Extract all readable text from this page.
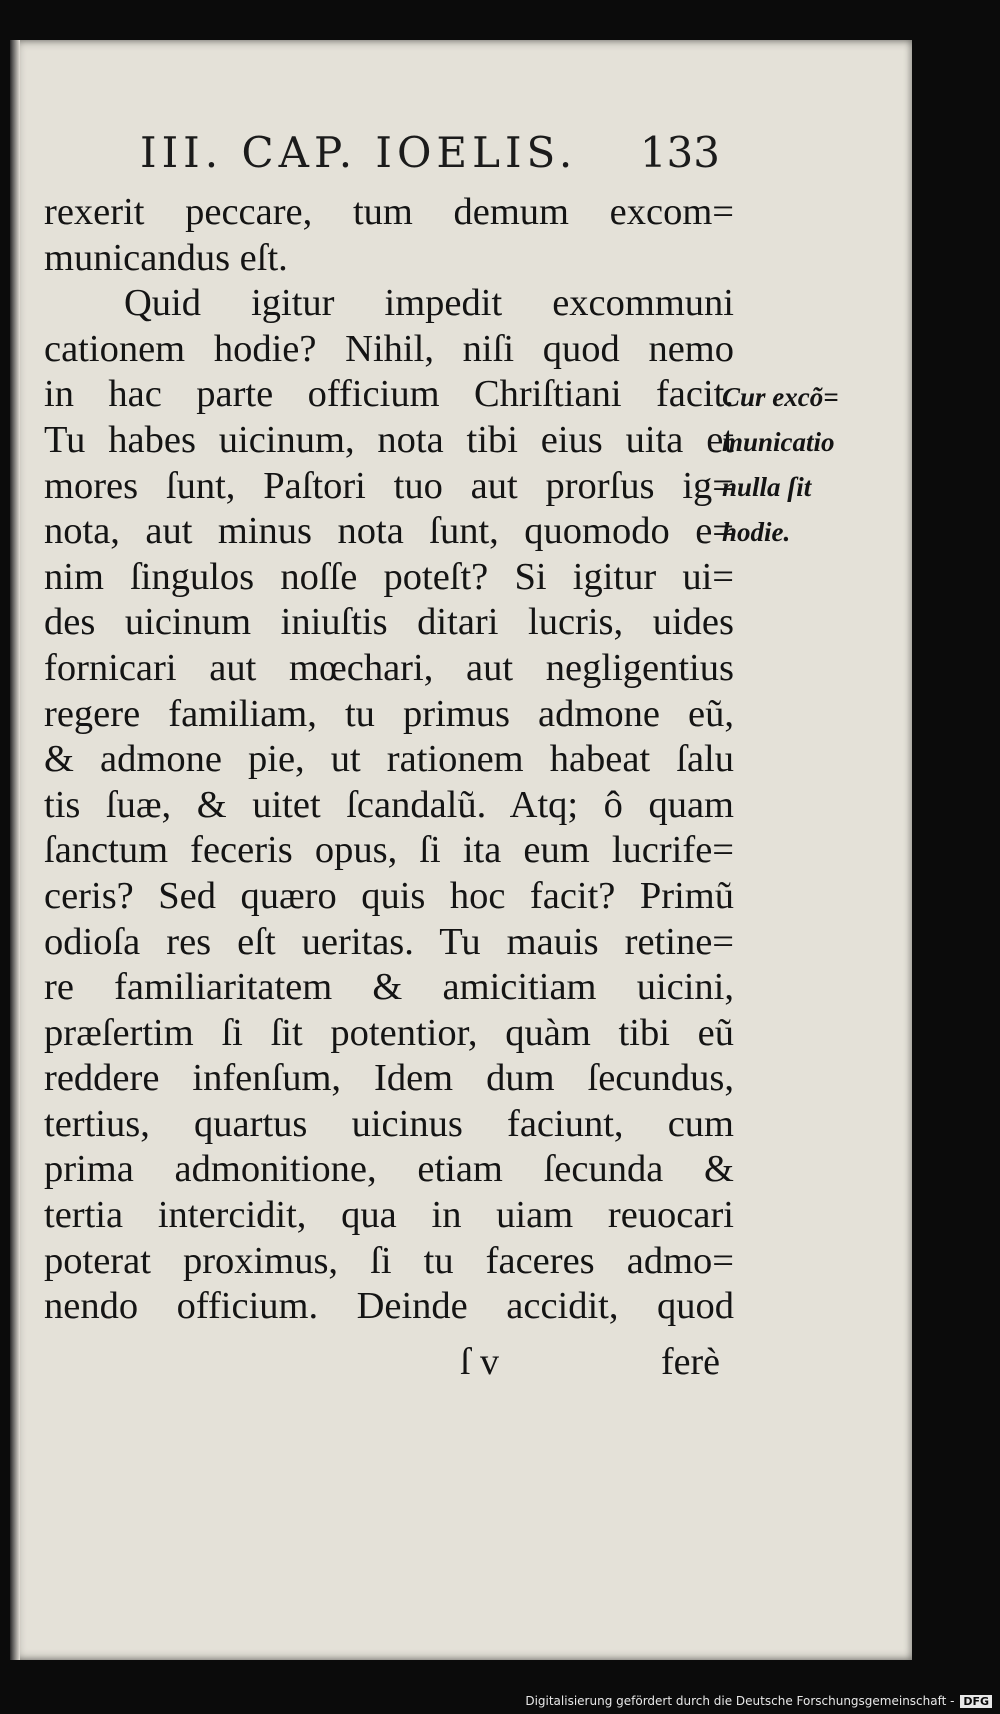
III. CAP. IOELIS. 133
rexerit peccare, tum demum excom=
municandus eſt.
Quid igitur impedit excommuni
cationem hodie? Nihil, niſi quod nemo
in hac parte officium Chriſtiani facit.
Tu habes uicinum, nota tibi eius uita et
mores ſunt, Paſtori tuo aut prorſus ig=
nota, aut minus nota ſunt, quomodo e=
nim ſingulos noſſe poteſt? Si igitur ui=
des uicinum iniuſtis ditari lucris, uides
fornicari aut mœchari, aut negligentius
regere familiam, tu primus admone eũ,
& admone pie, ut rationem habeat ſalu
tis ſuæ, & uitet ſcandalũ. Atq; ô quam
ſanctum feceris opus, ſi ita eum lucrife=
ceris? Sed quæro quis hoc facit? Primũ
odioſa res eſt ueritas. Tu mauis retine=
re familiaritatem & amicitiam uicini,
præſertim ſi ſit potentior, quàm tibi eũ
reddere infenſum, Idem dum ſecundus,
tertius, quartus uicinus faciunt, cum
prima admonitione, etiam ſecunda &
tertia intercidit, qua in uiam reuocari
poterat proximus, ſi tu faceres admo=
nendo officium. Deinde accidit, quod
ſ v	ferè
Cur excõ=
municatio
nulla ſit
hodie.
Digitalisierung gefördert durch die Deutsche Forschungsgemeinschaft - DFG
